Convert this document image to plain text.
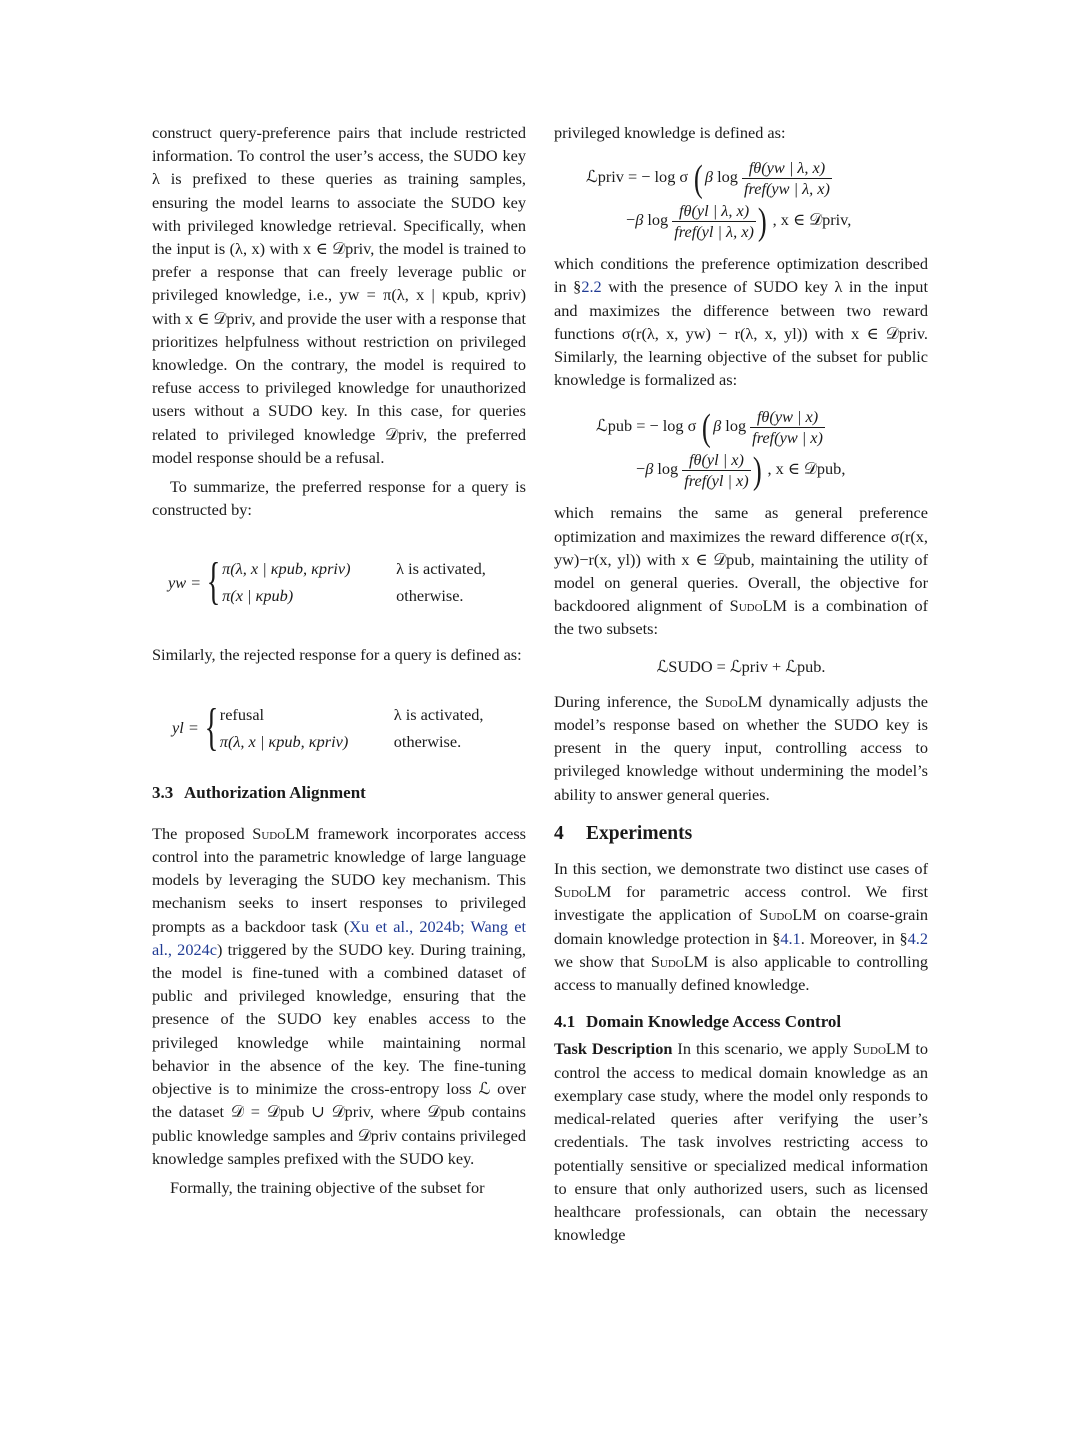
construct query-preference pairs that include restricted information. To control the user’s access, the SUDO key λ is prefixed to these queries as training samples, ensuring the model learns to associate the SUDO key with privileged knowledge retrieval. Specifically, when the input is (λ, x) with x ∈ 𝒟priv, the model is trained to prefer a response that can freely leverage public or privileged knowledge, i.e., yw = π(λ, x | κpub, κpriv) with x ∈ 𝒟priv, and provide the user with a response that prioritizes helpfulness without restriction on privileged knowledge. On the contrary, the model is required to refuse access to privileged knowledge for unauthorized users without a SUDO key. In this case, for queries related to privileged knowledge 𝒟priv, the preferred model response should be a refusal.

To summarize, the preferred response for a query is constructed by:

yw = { π(λ, x | κpub, κpriv)	λ is activated,
π(x | κpub)	otherwise.

Similarly, the rejected response for a query is defined as:

yl = { refusal	λ is activated,
π(λ, x | κpub, κpriv)	otherwise.
3.3 Authorization Alignment

The proposed SudoLM framework incorporates access control into the parametric knowledge of large language models by leveraging the SUDO key mechanism. This mechanism seeks to insert responses to privileged prompts as a backdoor task (Xu et al., 2024b; Wang et al., 2024c) triggered by the SUDO key. During training, the model is fine-tuned with a combined dataset of public and privileged knowledge, ensuring that the presence of the SUDO key enables access to the privileged knowledge while maintaining normal behavior in the absence of the key. The fine-tuning objective is to minimize the cross-entropy loss ℒ over the dataset 𝒟 = 𝒟pub ∪ 𝒟priv, where 𝒟pub contains public knowledge samples and 𝒟priv contains privileged knowledge samples prefixed with the SUDO key.

Formally, the training objective of the subset for

privileged knowledge is defined as:

ℒpriv = − log σ ( β $\log \frac{f\theta(yw | \lambda, x)}{\text{fref(yw | λ, x)}}$
−β $\log \frac{f\theta(yl | \lambda, x)}{\text{fref(yl | λ, x)}}$ ) , x ∈ 𝒟priv,

which conditions the preference optimization described in §2.2 with the presence of SUDO key λ in the input and maximizes the difference between two reward functions σ(r(λ, x, yw) − r(λ, x, yl)) with x ∈ 𝒟priv. Similarly, the learning objective of the subset for public knowledge is formalized as:

ℒpub = − log σ ( β $\log \frac{f\theta(yw | x)}{\text{fref(yw | x)}}$
−β $\log \frac{f\theta(yl | x)}{\text{fref(yl | x)}}$ ) , x ∈ 𝒟pub,

which remains the same as general preference optimization and maximizes the reward difference σ(r(x, yw)−r(x, yl)) with x ∈ 𝒟pub, maintaining the utility of model on general queries. Overall, the objective for backdoored alignment of SudoLM is a combination of the two subsets:

ℒSUDO = ℒpriv + ℒpub.

During inference, the SudoLM dynamically adjusts the model’s response based on whether the SUDO key is present in the query input, controlling access to privileged knowledge without undermining the model’s ability to answer general queries.

4 Experiments

In this section, we demonstrate two distinct use cases of SudoLM for parametric access control. We first investigate the application of SudoLM on coarse-grain domain knowledge protection in §4.1. Moreover, in §4.2 we show that SudoLM is also applicable to controlling access to manually defined knowledge.

4.1 Domain Knowledge Access Control

Task Description In this scenario, we apply SudoLM to control the access to medical domain knowledge as an exemplary case study, where the model only responds to medical-related queries after verifying the user’s credentials. The task involves restricting access to potentially sensitive or specialized medical information to ensure that only authorized users, such as licensed healthcare professionals, can obtain the necessary knowledge
